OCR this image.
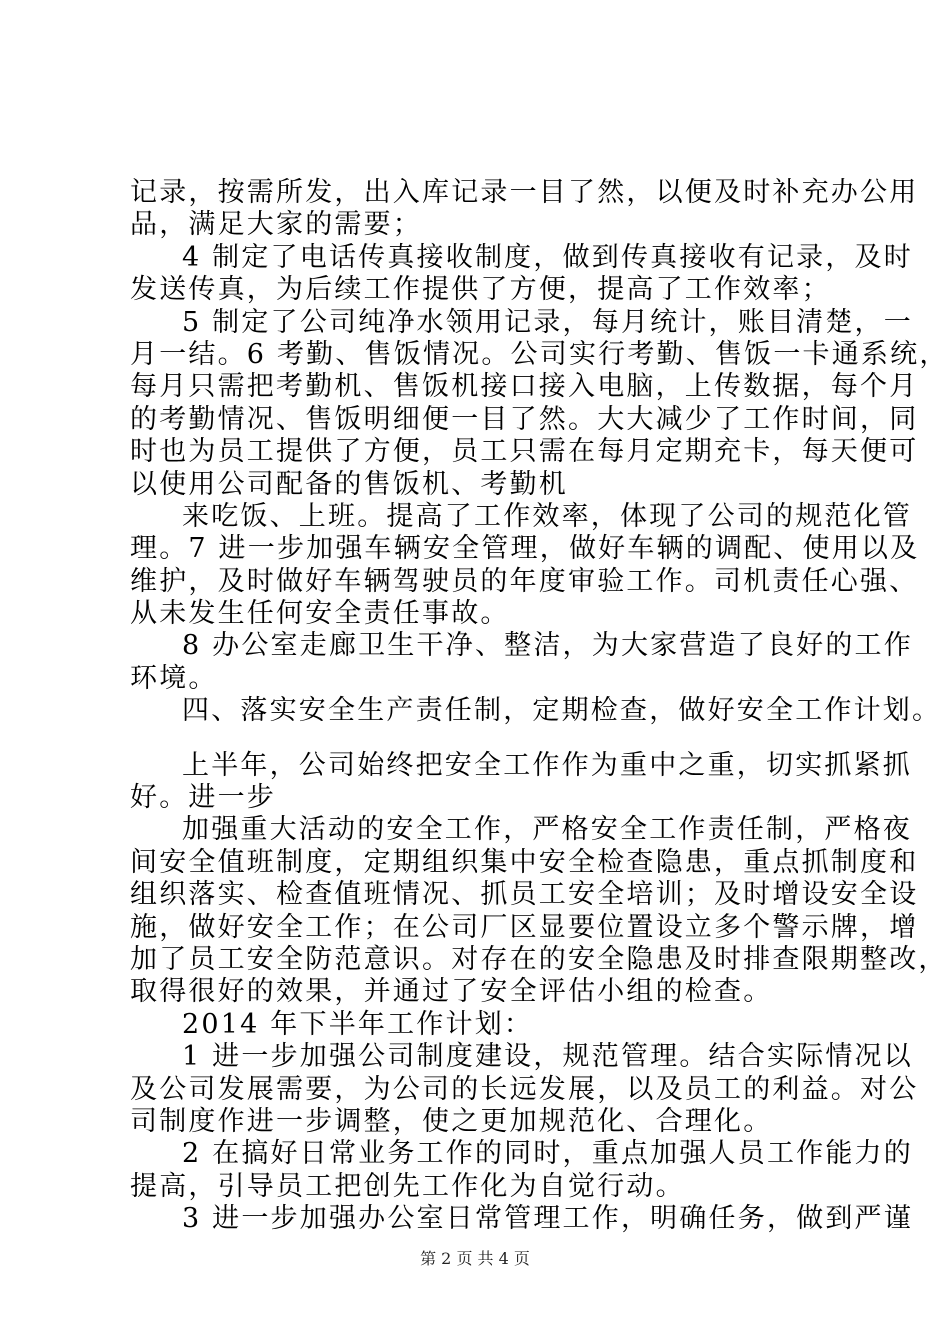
记录，按需所发，出入库记录一目了然，以便及时补充办公用
品，满足大家的需要；
4 制定了电话传真接收制度，做到传真接收有记录，及时
发送传真，为后续工作提供了方便，提高了工作效率；
5 制定了公司纯净水领用记录，每月统计，账目清楚，一
月一结。6 考勤、售饭情况。公司实行考勤、售饭一卡通系统，
每月只需把考勤机、售饭机接口接入电脑，上传数据，每个月
的考勤情况、售饭明细便一目了然。大大减少了工作时间，同
时也为员工提供了方便，员工只需在每月定期充卡，每天便可
以使用公司配备的售饭机、考勤机
来吃饭、上班。提高了工作效率，体现了公司的规范化管
理。7 进一步加强车辆安全管理，做好车辆的调配、使用以及
维护，及时做好车辆驾驶员的年度审验工作。司机责任心强、
从未发生任何安全责任事故。
8 办公室走廊卫生干净、整洁，为大家营造了良好的工作
环境。
四、落实安全生产责任制，定期检查，做好安全工作计划。
上半年，公司始终把安全工作作为重中之重，切实抓紧抓
好。进一步
加强重大活动的安全工作，严格安全工作责任制，严格夜
间安全值班制度，定期组织集中安全检查隐患，重点抓制度和
组织落实、检查值班情况、抓员工安全培训；及时增设安全设
施，做好安全工作；在公司厂区显要位置设立多个警示牌，增
加了员工安全防范意识。对存在的安全隐患及时排查限期整改，
取得很好的效果，并通过了安全评估小组的检查。
2014 年下半年工作计划：
1 进一步加强公司制度建设，规范管理。结合实际情况以
及公司发展需要，为公司的长远发展，以及员工的利益。对公
司制度作进一步调整，使之更加规范化、合理化。
2 在搞好日常业务工作的同时，重点加强人员工作能力的
提高，引导员工把创先工作化为自觉行动。
3 进一步加强办公室日常管理工作，明确任务，做到严谨
第 2 页 共 4 页
